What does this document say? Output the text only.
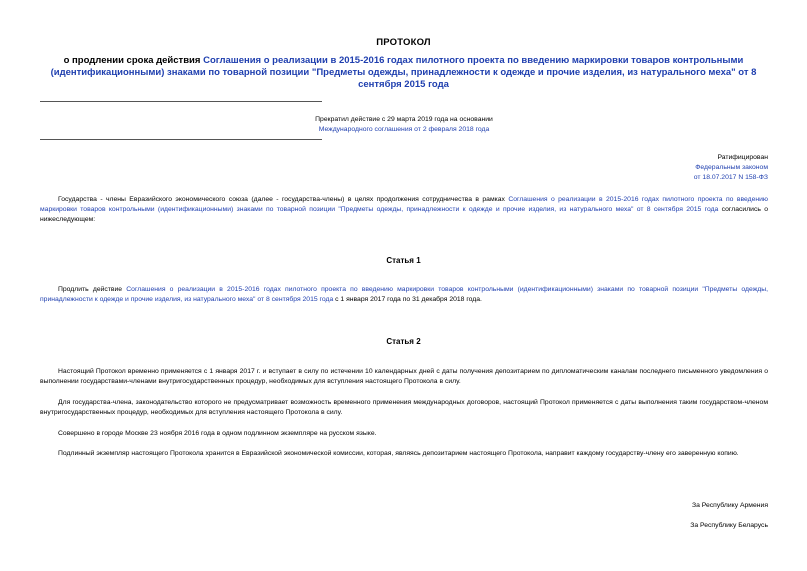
ПРОТОКОЛ
о продлении срока действия Соглашения о реализации в 2015-2016 годах пилотного проекта по введению маркировки товаров контрольными (идентификационными) знаками по товарной позиции "Предметы одежды, принадлежности к одежде и прочие изделия, из натурального меха" от 8 сентября 2015 года
Прекратил действие с 29 марта 2019 года на основании
Международного соглашения от 2 февраля 2018 года
Ратифицирован
Федеральным законом
от 18.07.2017 N 158-ФЗ

Государства - члены Евразийского экономического союза (далее - государства-члены) в целях продолжения сотрудничества в рамках Соглашения о реализации в 2015-2016 годах пилотного проекта по введению маркировки товаров контрольными (идентификационными) знаками по товарной позиции "Предметы одежды, принадлежности к одежде и прочие изделия, из натурального меха" от 8 сентября 2015 года согласились о нижеследующем:

Статья 1

Продлить действие Соглашения о реализации в 2015-2016 годах пилотного проекта по введению маркировки товаров контрольными (идентификационными) знаками по товарной позиции "Предметы одежды, принадлежности к одежде и прочие изделия, из натурального меха" от 8 сентября 2015 года с 1 января 2017 года по 31 декабря 2018 года.

Статья 2

Настоящий Протокол временно применяется с 1 января 2017 г. и вступает в силу по истечении 10 календарных дней с даты получения депозитарием по дипломатическим каналам последнего письменного уведомления о выполнении государствами-членами внутригосударственных процедур, необходимых для вступления настоящего Протокола в силу.

Для государства-члена, законодательство которого не предусматривает возможность временного применения международных договоров, настоящий Протокол применяется с даты выполнения таким государством-членом внутригосударственных процедур, необходимых для вступления настоящего Протокола в силу.

Совершено в городе Москве 23 ноября 2016 года в одном подлинном экземпляре на русском языке.

Подлинный экземпляр настоящего Протокола хранится в Евразийской экономической комиссии, которая, являясь депозитарием настоящего Протокола, направит каждому государству-члену его заверенную копию.

За Республику Армения
За Республику Беларусь
